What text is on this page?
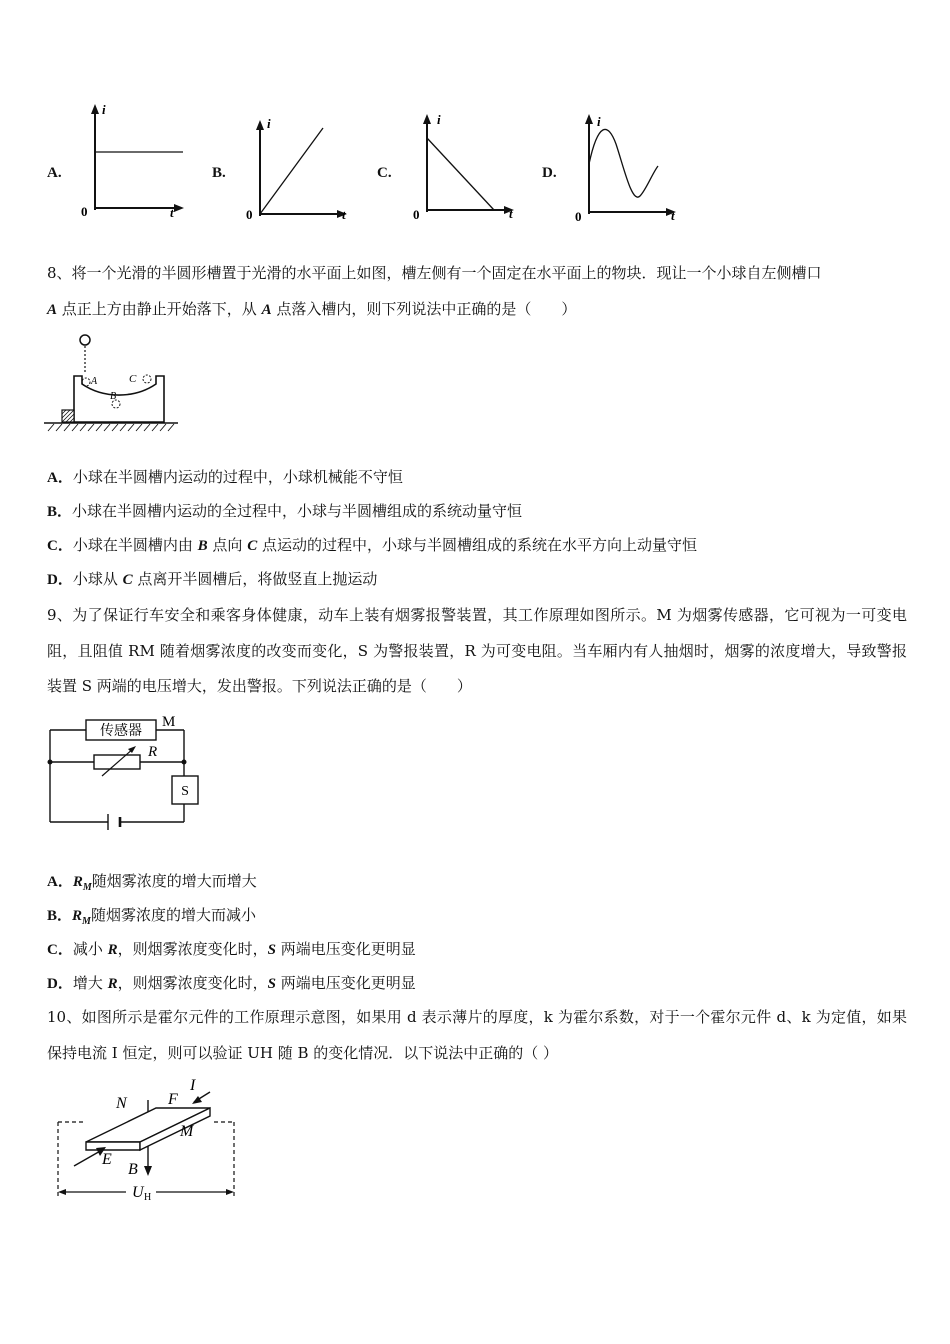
A.
i
t
0
B.
i
t
0
C.
i
t
0
D.
i
t
0
8、将一个光滑的半圆形槽置于光滑的水平面上如图，槽左侧有一个固定在水平面上的物块．现让一个小球自左侧槽口
A 点正上方由静止开始落下，从 A 点落入槽内，则下列说法中正确的是（　　）
A
B
C
A．小球在半圆槽内运动的过程中，小球机械能不守恒
B．小球在半圆槽内运动的全过程中，小球与半圆槽组成的系统动量守恒
C．小球在半圆槽内由 B 点向 C 点运动的过程中，小球与半圆槽组成的系统在水平方向上动量守恒
D．小球从 C 点离开半圆槽后，将做竖直上抛运动
9、为了保证行车安全和乘客身体健康，动车上装有烟雾报警装置，其工作原理如图所示。M 为烟雾传感器，它可视为一可变电阻，且阻值 RM 随着烟雾浓度的改变而变化，S 为警报装置，R 为可变电阻。当车厢内有人抽烟时，烟雾的浓度增大，导致警报装置 S 两端的电压增大，发出警报。下列说法正确的是（　　）
传感器
M
R
S
A．$R_M$随烟雾浓度的增大而增大
B．$R_M$随烟雾浓度的增大而减小
C．减小 R，则烟雾浓度变化时，S 两端电压变化更明显
D．增大 R，则烟雾浓度变化时，S 两端电压变化更明显
10、如图所示是霍尔元件的工作原理示意图，如果用 d 表示薄片的厚度，k 为霍尔系数，对于一个霍尔元件 d、k 为定值，如果保持电流 I 恒定，则可以验证 UH 随 B 的变化情况．以下说法中正确的（ ）
N	F
I
M
E
B
U H
